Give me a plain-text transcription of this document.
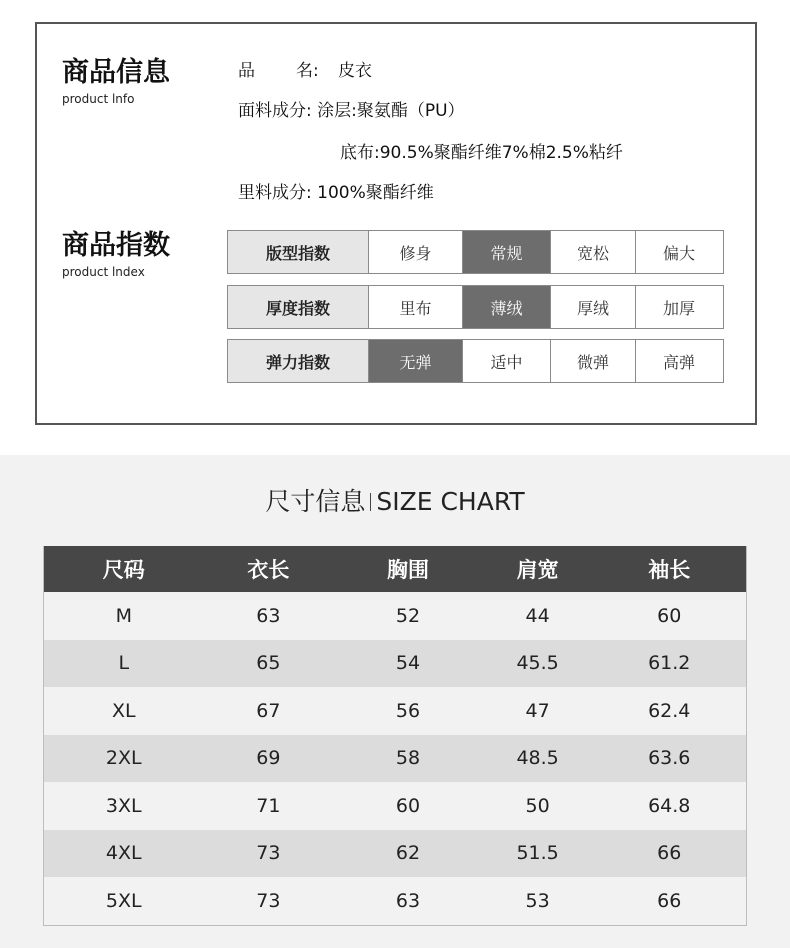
商品信息
product lnfo
品 名: 皮衣
面料成分: 涂层:聚氨酯（PU）
底布:90.5%聚酯纤维7%棉2.5%粘纤
里料成分: 100%聚酯纤维
商品指数
product lndex
版型指数	修身	常规	宽松	偏大
厚度指数	里布	薄绒	厚绒	加厚
弹力指数	无弹	适中	微弹	高弹
尺寸信息 SIZE CHART
尺码	衣长	胸围	肩宽	袖长
M	63	52	44	60
L	65	54	45.5	61.2
XL	67	56	47	62.4
2XL	69	58	48.5	63.6
3XL	71	60	50	64.8
4XL	73	62	51.5	66
5XL	73	63	53	66
